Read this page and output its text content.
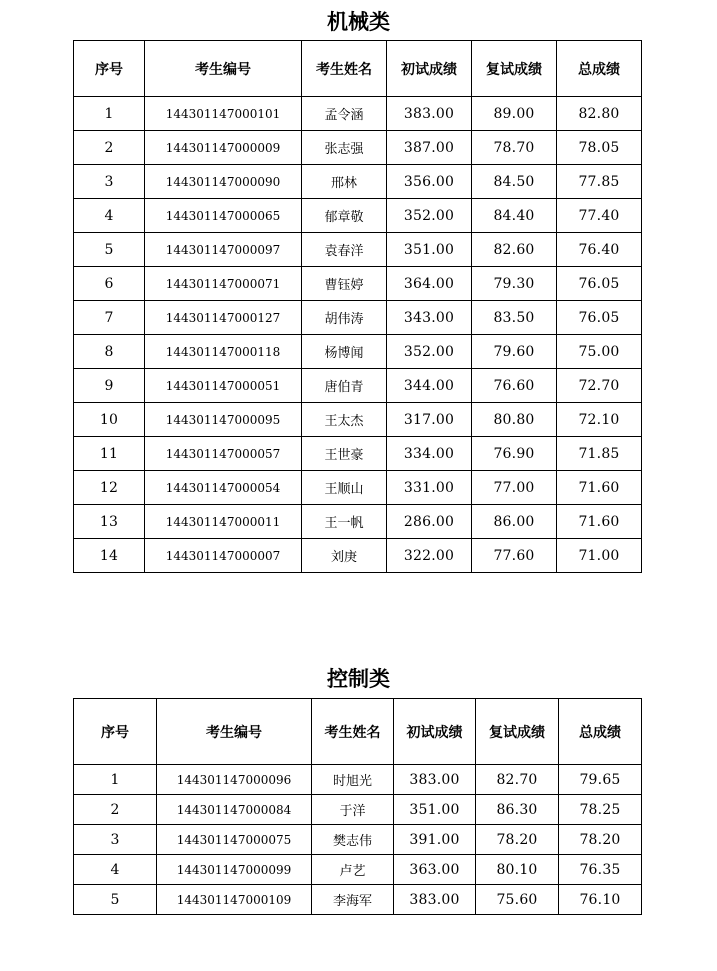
机械类
序号	考生编号	考生姓名	初试成绩	复试成绩	总成绩
1	144301147000101	孟令涵	383.00	89.00	82.80
2	144301147000009	张志强	387.00	78.70	78.05
3	144301147000090	邢林	356.00	84.50	77.85
4	144301147000065	郁章敬	352.00	84.40	77.40
5	144301147000097	袁春洋	351.00	82.60	76.40
6	144301147000071	曹钰婷	364.00	79.30	76.05
7	144301147000127	胡伟涛	343.00	83.50	76.05
8	144301147000118	杨博闻	352.00	79.60	75.00
9	144301147000051	唐伯青	344.00	76.60	72.70
10	144301147000095	王太杰	317.00	80.80	72.10
11	144301147000057	王世豪	334.00	76.90	71.85
12	144301147000054	王顺山	331.00	77.00	71.60
13	144301147000011	王一帆	286.00	86.00	71.60
14	144301147000007	刘庚	322.00	77.60	71.00
控制类
序号	考生编号	考生姓名	初试成绩	复试成绩	总成绩
1	144301147000096	时旭光	383.00	82.70	79.65
2	144301147000084	于洋	351.00	86.30	78.25
3	144301147000075	樊志伟	391.00	78.20	78.20
4	144301147000099	卢艺	363.00	80.10	76.35
5	144301147000109	李海军	383.00	75.60	76.10
